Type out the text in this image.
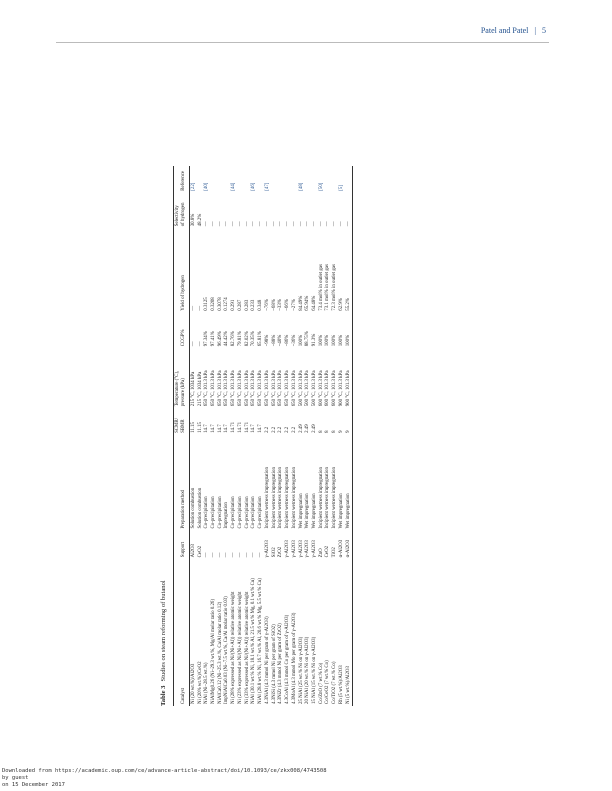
Patel and Patel | 5

Table 3Studies on steam reforming of butanol

Catalyst	Support	Preparation method	SCMR/
SBMR	Temperature (°C),
pressure (kPa)	CCGP%	Yield of hydrogen	Selectivity
of hydrogen	Reference
Ni (20 wt.%)/Al2O3	Al2O3	Solution combustion	11.15	215 °C, 1034 kPa	—	—	30.8%	[22]
Ni (20% wt.%)/CeO2	CeO2	Solution combustion	11.15	215 °C, 1034 kPa	—	—	48.2%	
NiAl (Ni–28.5 wt.%)	—	Co-precipitation	14.7	650 °C, 101.3 kPa	97.34%	0.3125	—	[40]
NiAlMg0.26 (Ni–29.3 wt.%, Mg/Al molar ratio 0.26)	—	Co-precipitation	14.7	650 °C, 101.3 kPa	97.41%	0.3208	—	
NiAlCa0.12 (Ni–25.3 wt.%, Ca/Al molar ratio 0.12)	—	Co-precipitation	14.7	650 °C, 101.3 kPa	96.49%	0.3078	—	
ImpNiAlCa0.03 (Ni–7.5 wt.%, Ca/Al molar ratio 0.03)	—	Impregnation	14.7	650 °C, 101.3 kPa	44.42%	0.1274	—	
Ni (28% expressed as Ni/(Ni+Al)) relative atomic weight	—	Co-precipitation	14.71	650 °C, 101.3 kPa	82.76%	0.291	—	[44]
Ni (23% expressed as Ni/(Ni+Al)) relative atomic weight	—	Co-precipitation	14.71	650 °C, 101.3 kPa	79.81%	0.287	—	
Ni (33% expressed as Ni/(Ni+Al)) relative atomic weight	—	Co-precipitation	14.71	650 °C, 101.3 kPa	82.02%	0.283	—	
NiAl (30.1 wt.% Ni, 18.1 wt.% Al, 21.5 wt.% Mg, 0.1 wt.% Cu)	—	Co-precipitation	14.7	650 °C, 101.3 kPa	70.35%	0.233	—	[46]
NiAl (28.8 wt.% Ni, 16.7 wt.% Al, 20.6 wt.% Mg, 5.5 wt.% Cu)	—	Co-precipitation	14.7	650 °C, 101.3 kPa	65.81%	0.348	—	
4.3NiAl (4.3 mmol Ni per gram of γ-Al2O3)	γ-Al2O3	Incipient wetness impregnation	2.2	650 °C, 101.3 kPa	~98%	~76%	—	[47]
4.3NiSi (4.3 mmol Ni per gram of SiO2)	SiO2	Incipient wetness impregnation	2.2	650 °C, 101.3 kPa	~88%	~68%	—	
4.3NiZr (4.3 mmol Ni per gram of ZrO2)	ZrO2	Incipient wetness impregnation	2.2	650 °C, 101.3 kPa	~40%	~33%	—	
4.3CoAl (4.3 mmol Co per gram of γ-Al2O3)	γ-Al2O3	Incipient wetness impregnation	2.2	650 °C, 101.3 kPa	~86%	~66%	—	
4.3MoAl (4.3 mmol Mo per gram of γ-Al2O3)	γ-Al2O3	Incipient wetness impregnation	2.2	650 °C, 101.3 kPa	~36%	~27%	—	
25 NiAl (25 wt.% Ni on γ-Al2O3)	γ-Al2O3	Wet impregnation	2.49	500 °C, 101.3 kPa	100%	84.49%	—	[48]
20 NiAl (20 wt.% Ni on γ-Al2O3)	γ-Al2O3	Wet impregnation	2.49	500 °C, 101.3 kPa	88.75%	65.94%	—	
15 NiAl (15 wt.% Ni on γ-Al2O3)	γ-Al2O3	Wet impregnation	2.49	500 °C, 101.3 kPa	91.3%	64.48%	—	
Co/ZnO (7 wt.% Co)	ZnO	Incipient wetness impregnation	8	600 °C, 101.3 kPa	100%	73.4 mol% in outlet gas	—	[50]
Co/CeO2 (7 wt.% Co)	CeO2	Incipient wetness impregnation	8	600 °C, 101.3 kPa	100%	73.1 mol% in outlet gas	—	
Co/TiO2 (7 wt.% Co)	TiO2	Incipient wetness impregnation	8	600 °C, 101.3 kPa	100%	72.3 mol% in outlet gas	—	
Rh (5 wt.%)/Al2O3	α-Al2O3	Wet impregnation	9	900 °C, 101.3 kPa	100%	62.9%	—	[5]
Ni (5 wt.%)/Al2O3	α-Al2O3	Wet impregnation	9	900 °C, 101.3 kPa	100%	55.2%	—	
Downloaded from https://academic.oup.com/ce/advance-article-abstract/doi/10.1093/ce/zkx008/4743508
by guest
on 15 December 2017
